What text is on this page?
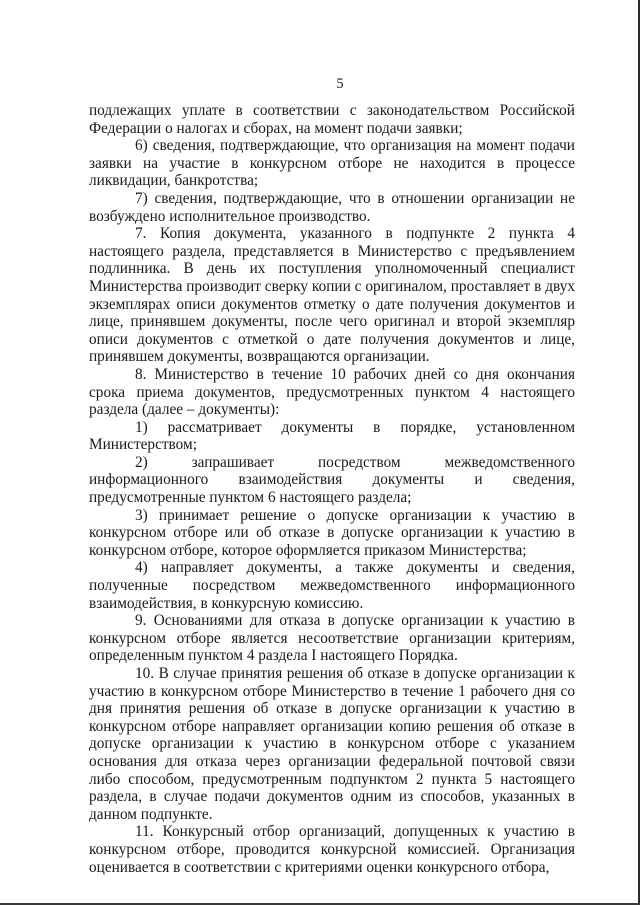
5

подлежащих уплате в соответствии с законодательством Российской Федерации о налогах и сборах, на момент подачи заявки;

6) сведения, подтверждающие, что организация на момент подачи заявки на участие в конкурсном отборе не находится в процессе ликвидации, банкротства;

7) сведения, подтверждающие, что в отношении организации не возбуждено исполнительное производство.

7. Копия документа, указанного в подпункте 2 пункта 4 настоящего раздела, представляется в Министерство с предъявлением подлинника. В день их поступления уполномоченный специалист Министерства производит сверку копии с оригиналом, проставляет в двух экземплярах описи документов отметку о дате получения документов и лице, принявшем документы, после чего оригинал и второй экземпляр описи документов с отметкой о дате получения документов и лице, принявшем документы, возвращаются организации.

8. Министерство в течение 10 рабочих дней со дня окончания срока приема документов, предусмотренных пунктом 4 настоящего раздела (далее – документы):

1) рассматривает документы в порядке, установленном Министерством;

2) запрашивает посредством межведомственного информационного взаимодействия документы и сведения, предусмотренные пунктом 6 настоящего раздела;

3) принимает решение о допуске организации к участию в конкурсном отборе или об отказе в допуске организации к участию в конкурсном отборе, которое оформляется приказом Министерства;

4) направляет документы, а также документы и сведения, полученные посредством межведомственного информационного взаимодействия, в конкурсную комиссию.

9. Основаниями для отказа в допуске организации к участию в конкурсном отборе является несоответствие организации критериям, определенным пунктом 4 раздела I настоящего Порядка.

10. В случае принятия решения об отказе в допуске организации к участию в конкурсном отборе Министерство в течение 1 рабочего дня со дня принятия решения об отказе в допуске организации к участию в конкурсном отборе направляет организации копию решения об отказе в допуске организации к участию в конкурсном отборе с указанием основания для отказа через организации федеральной почтовой связи либо способом, предусмотренным подпунктом 2 пункта 5 настоящего раздела, в случае подачи документов одним из способов, указанных в данном подпункте.

11. Конкурсный отбор организаций, допущенных к участию в конкурсном отборе, проводится конкурсной комиссией. Организация оценивается в соответствии с критериями оценки конкурсного отбора,
